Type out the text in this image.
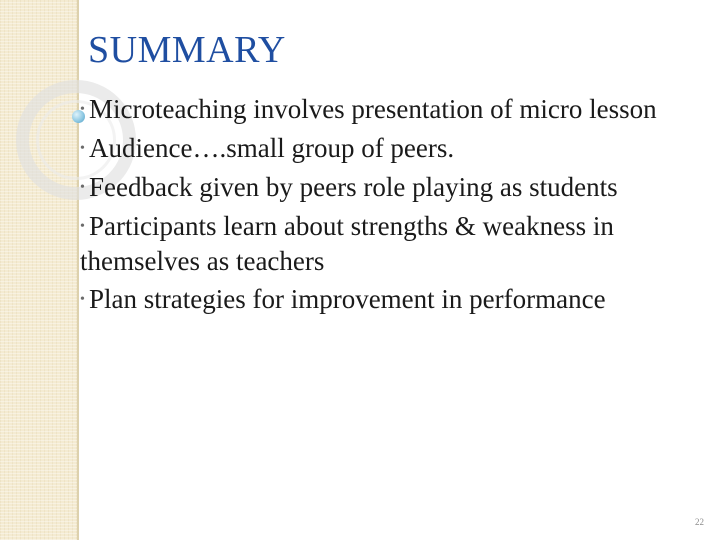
SUMMARY
• Microteaching involves presentation of micro lesson
• Audience….small group of peers.
• Feedback given by peers role playing as students
• Participants learn about strengths & weakness in themselves as teachers
• Plan strategies for improvement in performance
22
